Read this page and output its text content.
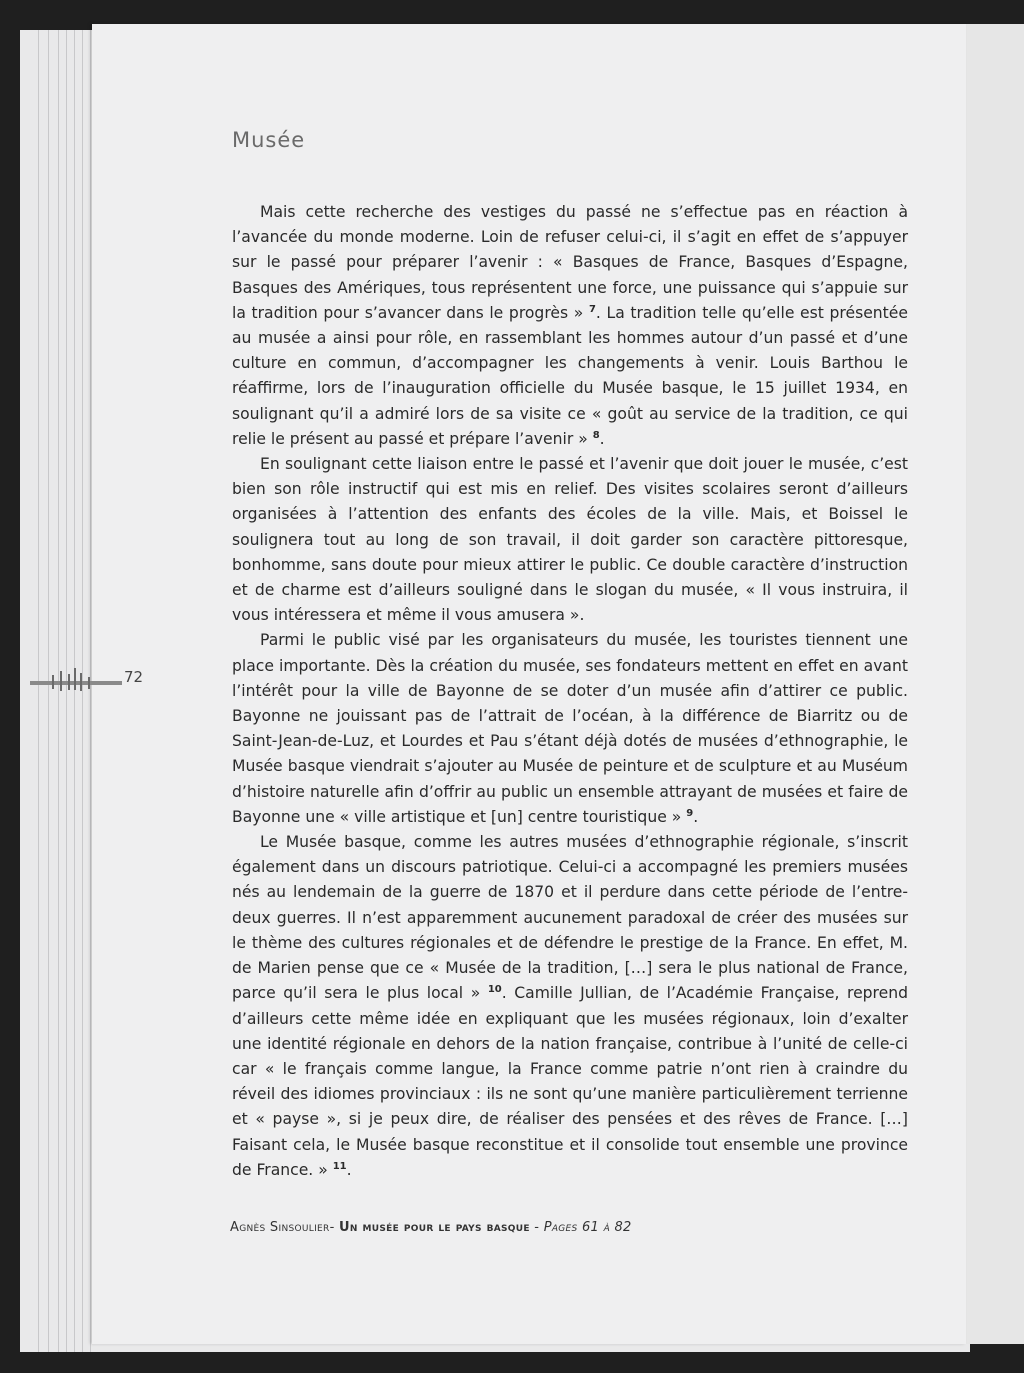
Musée

Mais cette recherche des vestiges du passé ne s’effectue pas en réaction à l’avancée du monde moderne. Loin de refuser celui-ci, il s’agit en effet de s’appuyer sur le passé pour préparer l’avenir : « Basques de France, Basques d’Espagne, Basques des Amériques, tous représentent une force, une puissance qui s’appuie sur la tradition pour s’avancer dans le progrès » $^7$. La tradition telle qu’elle est présentée au musée a ainsi pour rôle, en rassemblant les hommes autour d’un passé et d’une culture en commun, d’accompagner les changements à venir. Louis Barthou le réaffirme, lors de l’inauguration officielle du Musée basque, le 15 juillet 1934, en soulignant qu’il a admiré lors de sa visite ce « goût au service de la tradition, ce qui relie le présent au passé et prépare l’avenir » $^8$.

En soulignant cette liaison entre le passé et l’avenir que doit jouer le musée, c’est bien son rôle instructif qui est mis en relief. Des visites scolaires seront d’ailleurs organisées à l’attention des enfants des écoles de la ville. Mais, et Boissel le soulignera tout au long de son travail, il doit garder son caractère pittoresque, bonhomme, sans doute pour mieux attirer le public. Ce double caractère d’instruction et de charme est d’ailleurs souligné dans le slogan du musée, « Il vous instruira, il vous intéressera et même il vous amusera ».

Parmi le public visé par les organisateurs du musée, les touristes tiennent une place importante. Dès la création du musée, ses fondateurs mettent en effet en avant l’intérêt pour la ville de Bayonne de se doter d’un musée afin d’attirer ce public. Bayonne ne jouissant pas de l’attrait de l’océan, à la différence de Biarritz ou de Saint-Jean-de-Luz, et Lourdes et Pau s’étant déjà dotés de musées d’ethnographie, le Musée basque viendrait s’ajouter au Musée de peinture et de sculpture et au Muséum d’histoire naturelle afin d’offrir au public un ensemble attrayant de musées et faire de Bayonne une « ville artistique et [un] centre touristique » $^9$.

Le Musée basque, comme les autres musées d’ethnographie régionale, s’inscrit également dans un discours patriotique. Celui-ci a accompagné les premiers musées nés au lendemain de la guerre de 1870 et il perdure dans cette période de l’entre-deux guerres. Il n’est apparemment aucunement paradoxal de créer des musées sur le thème des cultures régionales et de défendre le prestige de la France. En effet, M. de Marien pense que ce « Musée de la tradition, […] sera le plus national de France, parce qu’il sera le plus local » $^{10}$. Camille Jullian, de l’Académie Française, reprend d’ailleurs cette même idée en expliquant que les musées régionaux, loin d’exalter une identité régionale en dehors de la nation française, contribue à l’unité de celle-ci car « le français comme langue, la France comme patrie n’ont rien à craindre du réveil des idiomes provinciaux : ils ne sont qu’une manière particulièrement terrienne et « payse », si je peux dire, de réaliser des pensées et des rêves de France. […] Faisant cela, le Musée basque reconstitue et il consolide tout ensemble une province de France. » $^{11}$.

72
Agnès Sinsoulier- Un musée pour le pays basque - Pages 61 à 82
